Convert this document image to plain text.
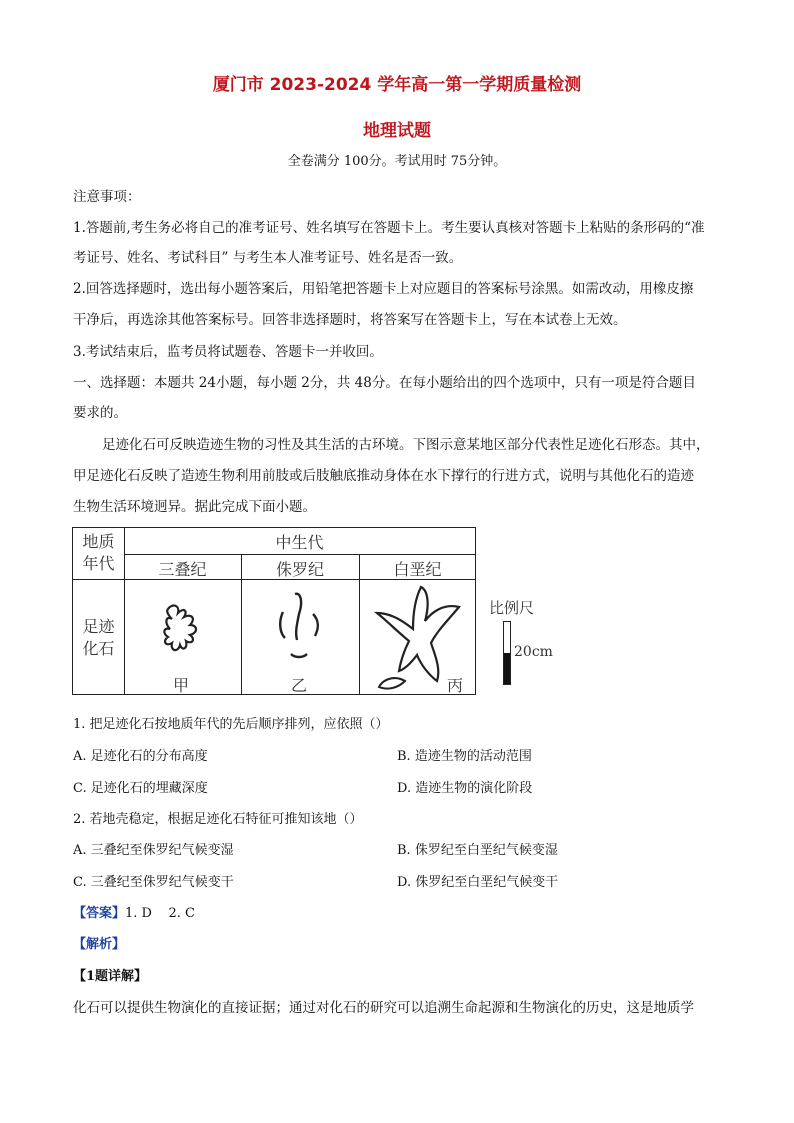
厦门市 2023-2024 学年高一第一学期质量检测
地理试题
全卷满分 100分。考试用时 75分钟。
注意事项：
1.答题前,考生务必将自己的准考证号、姓名填写在答题卡上。考生要认真核对答题卡上粘贴的条形码的“准
考证号、姓名、考试科目” 与考生本人准考证号、姓名是否一致。
2.回答选择题时，选出每小题答案后，用铅笔把答题卡上对应题目的答案标号涂黑。如需改动，用橡皮擦
干净后，再选涂其他答案标号。回答非选择题时，将答案写在答题卡上，写在本试卷上无效。
3.考试结束后，监考员将试题卷、答题卡一并收回。
一、选择题：本题共 24小题，每小题 2分，共 48分。在每小题给出的四个选项中，只有一项是符合题目
要求的。
足迹化石可反映造迹生物的习性及其生活的古环境。下图示意某地区部分代表性足迹化石形态。其中，
甲足迹化石反映了造迹生物利用前肢或后肢触底推动身体在水下撑行的行进方式，说明与其他化石的造迹
生物生活环境迥异。据此完成下面小题。
地质
年代
中生代
三叠纪	侏罗纪	白垩纪
足迹
化石
甲	乙	丙
比例尺
20cm
1. 把足迹化石按地质年代的先后顺序排列，应依照（）
A. 足迹化石的分布高度	B. 造迹生物的活动范围
C. 足迹化石的埋藏深度	D. 造迹生物的演化阶段
2. 若地壳稳定，根据足迹化石特征可推知该地（）
A. 三叠纪至侏罗纪气候变湿	B. 侏罗纪至白垩纪气候变湿
C. 三叠纪至侏罗纪气候变干	D. 侏罗纪至白垩纪气候变干
【答案】1. D    2. C
【解析】
【1题详解】
化石可以提供生物演化的直接证据；通过对化石的研究可以追溯生命起源和生物演化的历史，这是地质学
